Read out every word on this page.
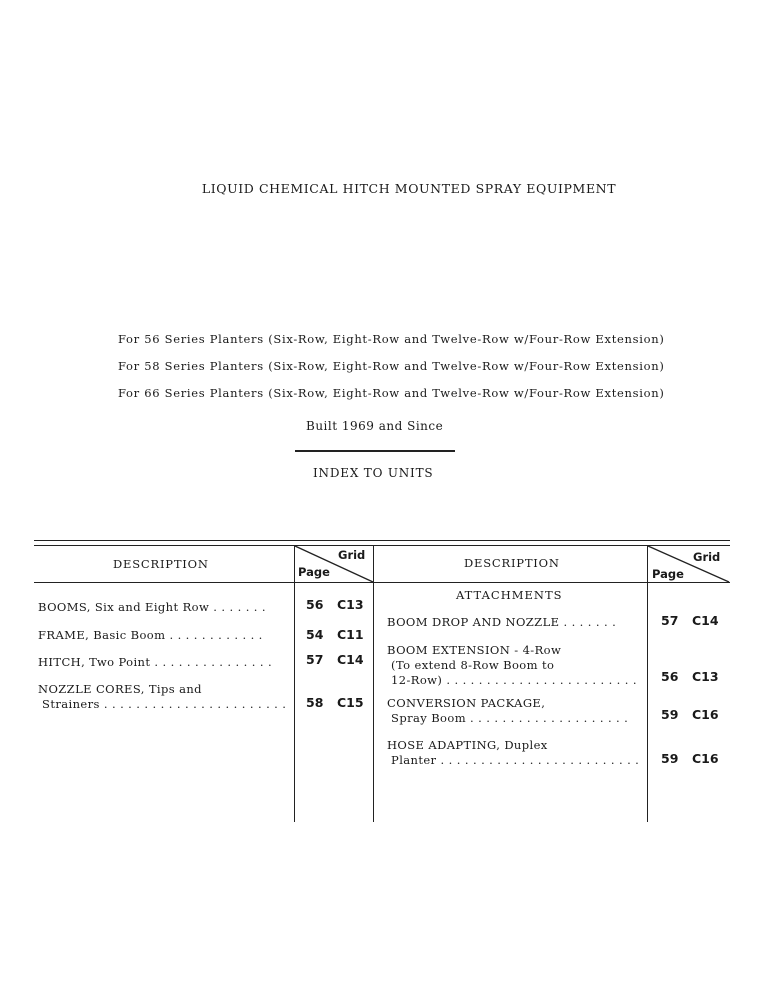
LIQUID CHEMICAL HITCH MOUNTED SPRAY EQUIPMENT
For 56 Series Planters (Six-Row, Eight-Row and Twelve-Row w/Four-Row Extension)
For 58 Series Planters (Six-Row, Eight-Row and Twelve-Row w/Four-Row Extension)
For 66 Series Planters (Six-Row, Eight-Row and Twelve-Row w/Four-Row Extension)
Built 1969 and Since
INDEX TO UNITS
DESCRIPTION
Grid
Page
DESCRIPTION	Grid
Page
BOOMS, Six and Eight Row . . . . . . .	56 C13
FRAME, Basic Boom . . . . . . . . . . . .	54 C11
HITCH, Two Point . . . . . . . . . . . . . . .	57 C14
NOZZLE CORES, Tips and
Strainers . . . . . . . . . . . . . . . . . . . . . . . 58 C15
ATTACHMENTS
BOOM DROP AND NOZZLE . . . . . . .	57 C14
BOOM EXTENSION - 4-Row
(To extend 8-Row Boom to
12-Row) . . . . . . . . . . . . . . . . . . . . . . . . 56 C13
CONVERSION PACKAGE,
Spray Boom . . . . . . . . . . . . . . . . . . . .	59 C16
HOSE ADAPTING, Duplex
Planter . . . . . . . . . . . . . . . . . . . . . . . . . 59 C16
